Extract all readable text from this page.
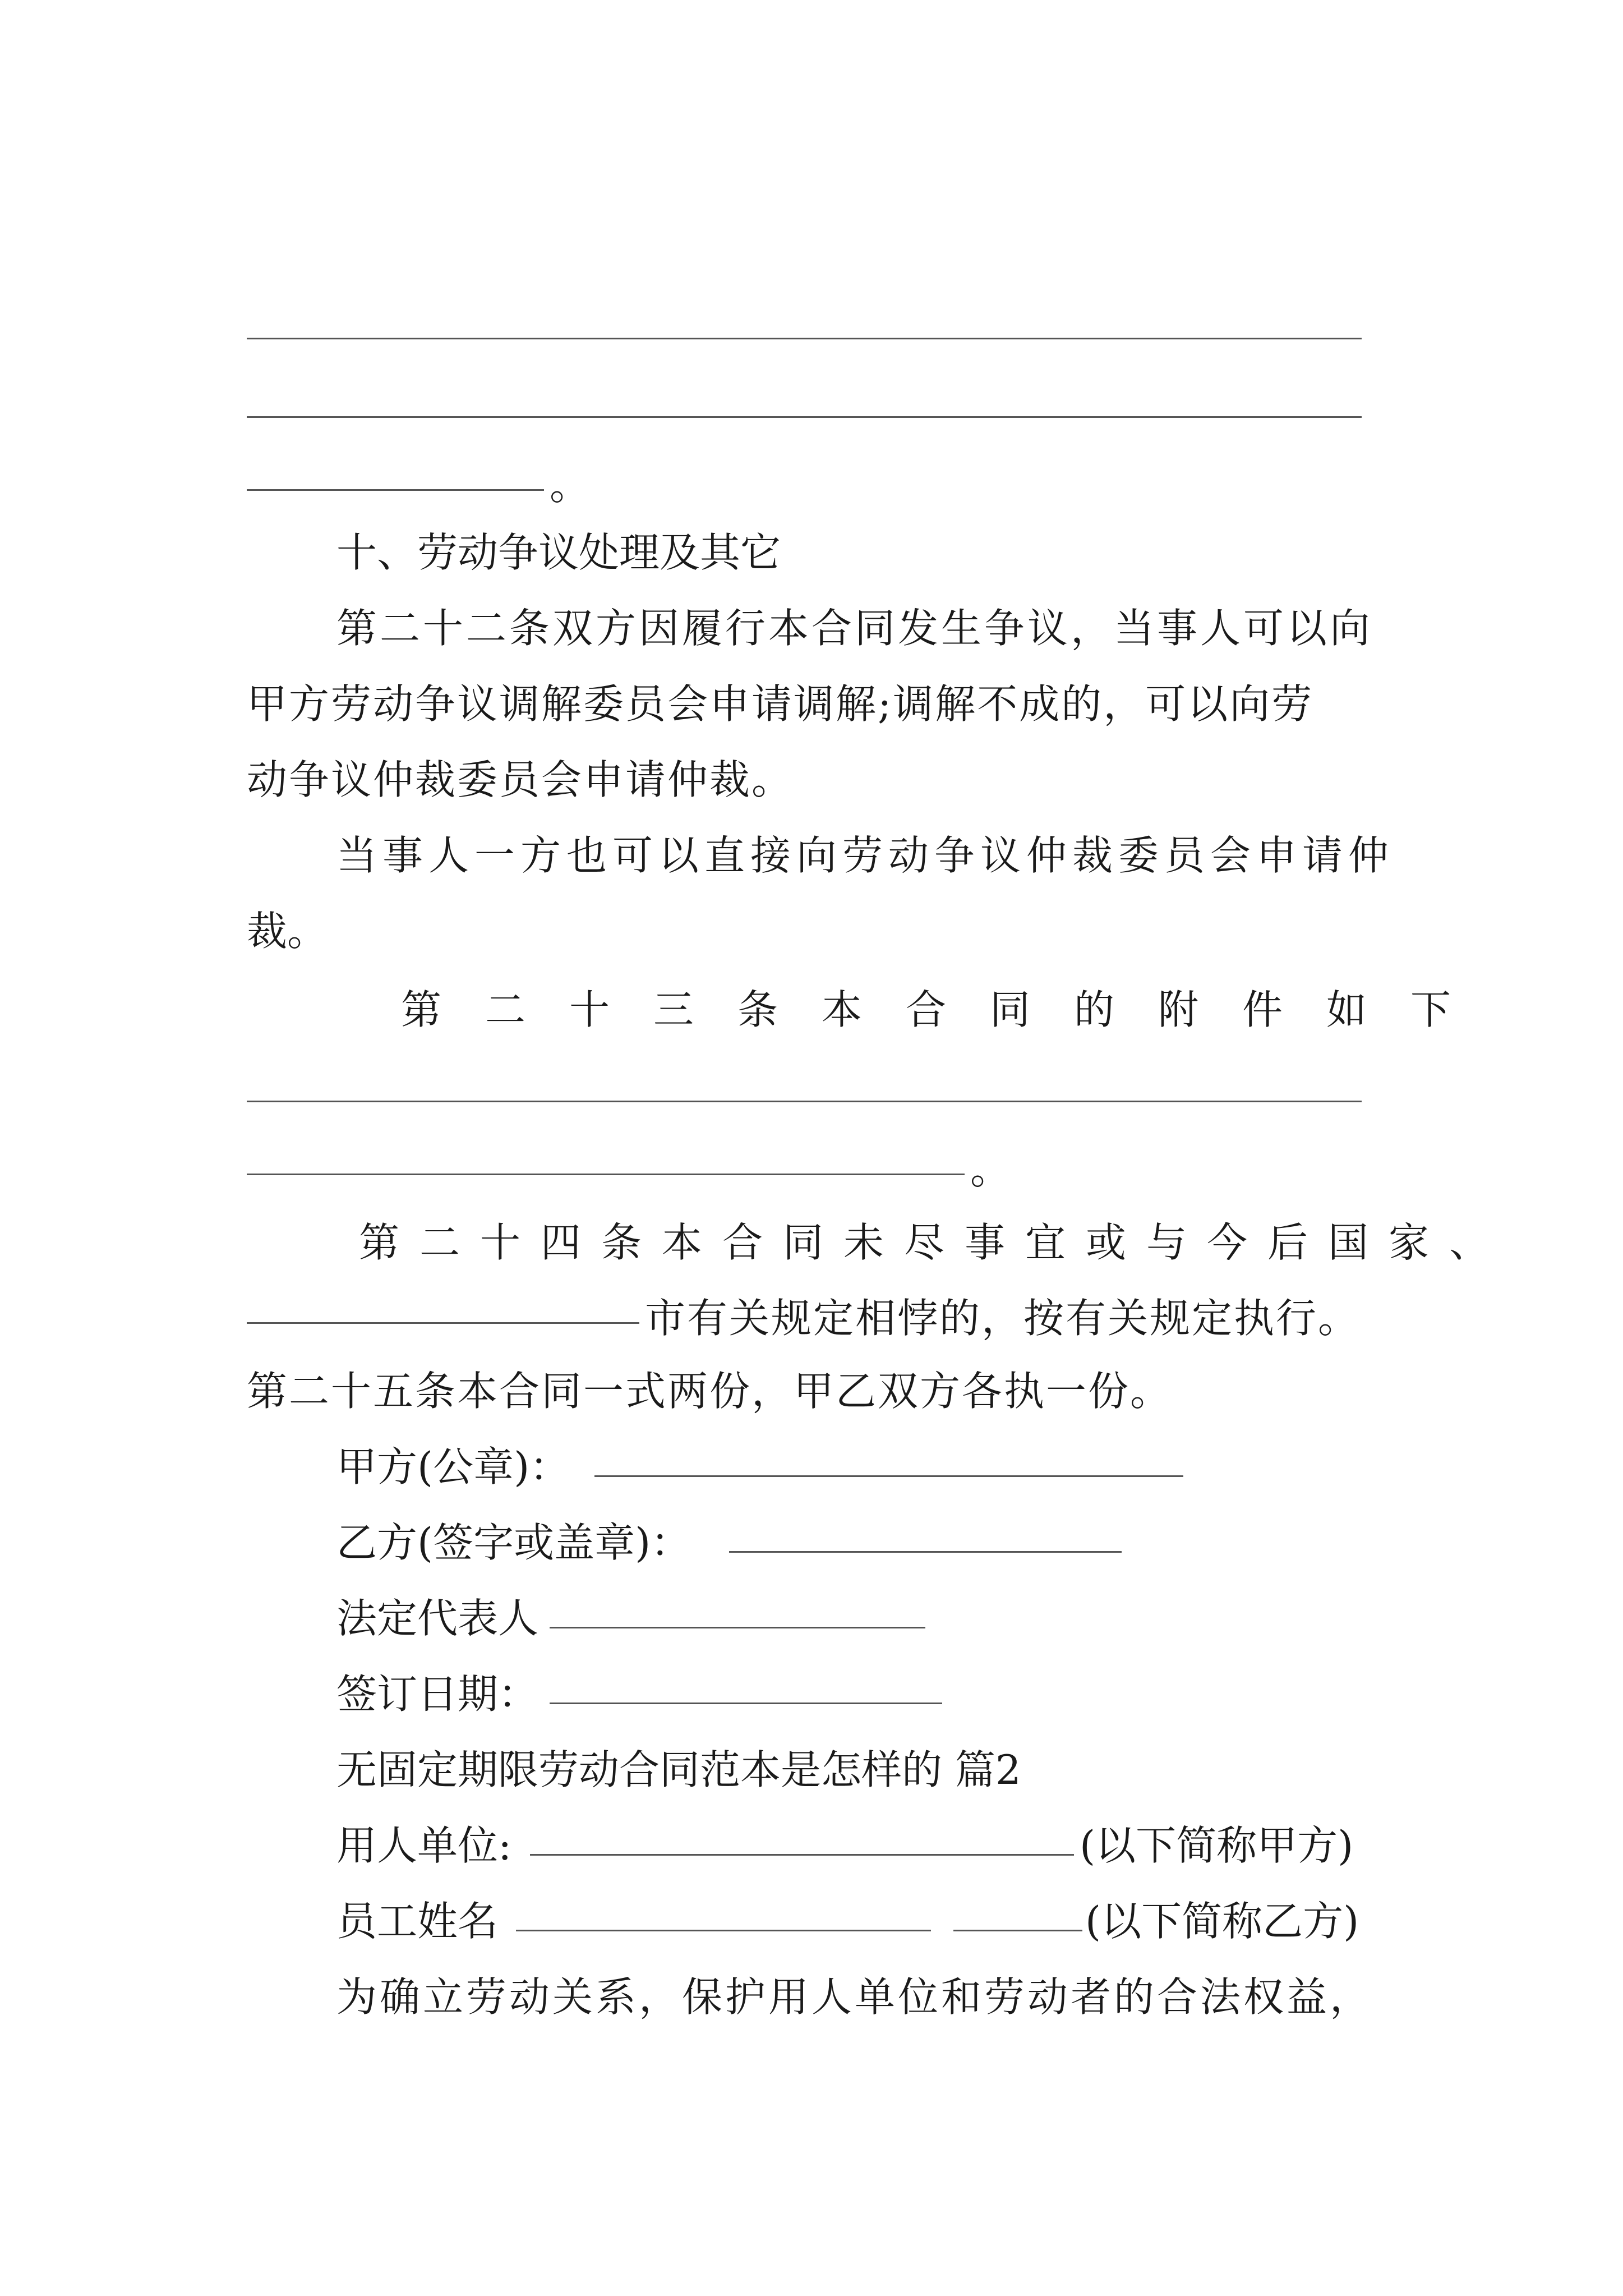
。
十、劳动争议处理及其它
第二十二条双方因履行本合同发生争议，当事人可以向
甲方劳动争议调解委员会申请调解;调解不成的，可以向劳
动争议仲裁委员会申请仲裁。
当事人一方也可以直接向劳动争议仲裁委员会申请仲
裁。
第二十三条本合同的附件如下
。
第二十四条本合同未尽事宜或与今后国家、
市有关规定相悖的，按有关规定执行。
第二十五条本合同一式两份，甲乙双方各执一份。
甲方(公章)：
乙方(签字或盖章)：
法定代表人
签订日期：
无固定期限劳动合同范本是怎样的 篇2
用人单位:	(以下简称甲方)
员工姓名	(以下简称乙方)
为确立劳动关系，保护用人单位和劳动者的合法权益，
